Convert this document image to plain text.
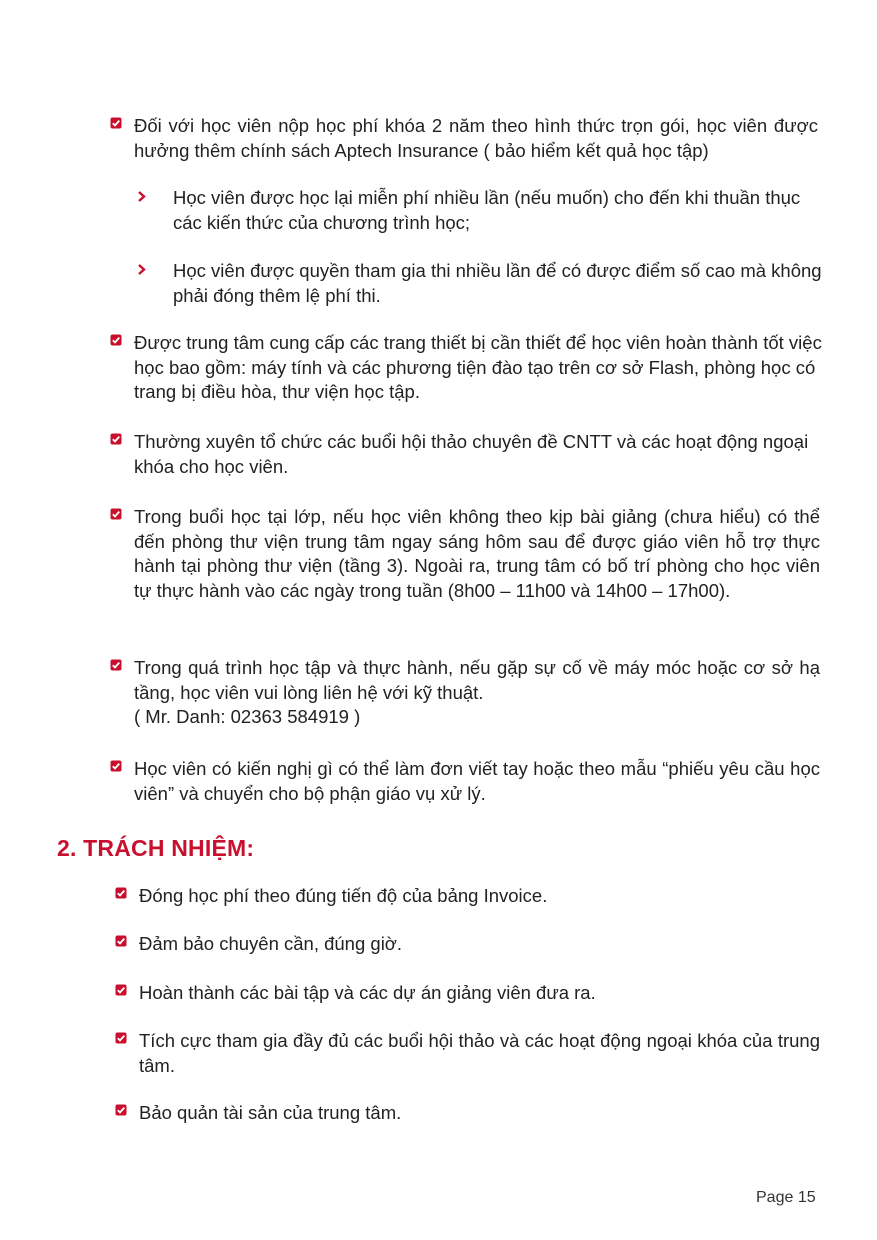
Đối với học viên nộp học phí khóa 2 năm theo hình thức trọn gói, học viên được hưởng thêm chính sách Aptech Insurance ( bảo hiểm kết quả học tập)
Học viên được học lại miễn phí nhiều lần (nếu muốn) cho đến khi thuần thục các kiến thức của chương trình học;
Học viên được quyền tham gia thi nhiều lần để có được điểm số cao mà không phải đóng thêm lệ phí thi.
Được trung tâm cung cấp các trang thiết bị cần thiết để học viên hoàn thành tốt việc học bao gồm: máy tính và các phương tiện đào tạo trên cơ sở Flash, phòng học có trang bị điều hòa, thư viện học tập.
Thường xuyên tổ chức các buổi hội thảo chuyên đề CNTT và các hoạt động ngoại khóa cho học viên.
Trong buổi học tại lớp, nếu học viên không theo kịp bài giảng (chưa hiểu) có thể đến phòng thư viện trung tâm ngay sáng hôm sau để được giáo viên hỗ trợ thực hành tại phòng thư viện (tầng 3). Ngoài ra, trung tâm có bố trí phòng cho học viên tự thực hành vào các ngày trong tuần (8h00 – 11h00 và 14h00 – 17h00).
Trong quá trình học tập và thực hành, nếu gặp sự cố về máy móc hoặc cơ sở hạ tầng, học viên vui lòng liên hệ với kỹ thuật.
( Mr. Danh: 02363 584919 )
Học viên có kiến nghị gì có thể làm đơn viết tay hoặc theo mẫu “phiếu yêu cầu học viên” và chuyển cho bộ phận giáo vụ xử lý.
2. TRÁCH NHIỆM:
Đóng học phí theo đúng tiến độ của bảng Invoice.
Đảm bảo chuyên cần, đúng giờ.
Hoàn thành các bài tập và các dự án giảng viên đưa ra.
Tích cực tham gia đầy đủ các buổi hội thảo và các hoạt động ngoại khóa của trung tâm.
Bảo quản tài sản của trung tâm.
Page 15
